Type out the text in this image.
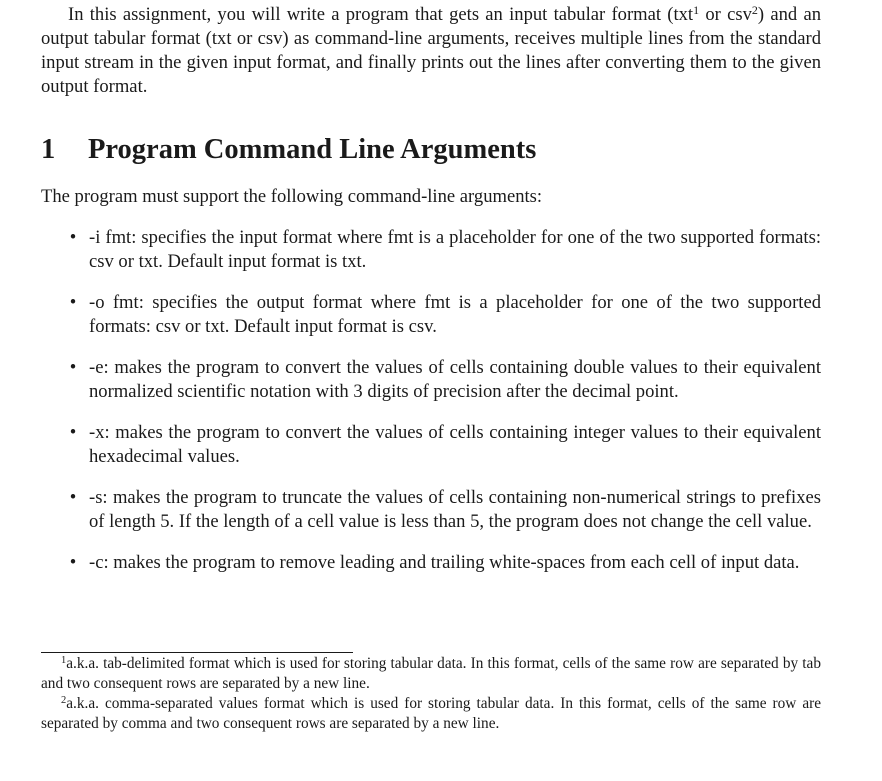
In this assignment, you will write a program that gets an input tabular format (txt$^1$ or csv$^2$) and an output tabular format (txt or csv) as command-line arguments, receives multiple lines from the standard input stream in the given input format, and finally prints out the lines after converting them to the given output format.

1 Program Command Line Arguments

The program must support the following command-line arguments:

• -i fmt: specifies the input format where fmt is a placeholder for one of the two supported formats: csv or txt. Default input format is txt.
• -o fmt: specifies the output format where fmt is a placeholder for one of the two supported formats: csv or txt. Default input format is csv.
• -e: makes the program to convert the values of cells containing double values to their equivalent normalized scientific notation with 3 digits of precision after the decimal point.
• -x: makes the program to convert the values of cells containing integer values to their equivalent hexadecimal values.
• -s: makes the program to truncate the values of cells containing non-numerical strings to prefixes of length 5. If the length of a cell value is less than 5, the program does not change the cell value.
• -c: makes the program to remove leading and trailing white-spaces from each cell of input data.

$^1$a.k.a. tab-delimited format which is used for storing tabular data. In this format, cells of the same row are separated by tab and two consequent rows are separated by a new line.

$^2$a.k.a. comma-separated values format which is used for storing tabular data. In this format, cells of the same row are separated by comma and two consequent rows are separated by a new line.
